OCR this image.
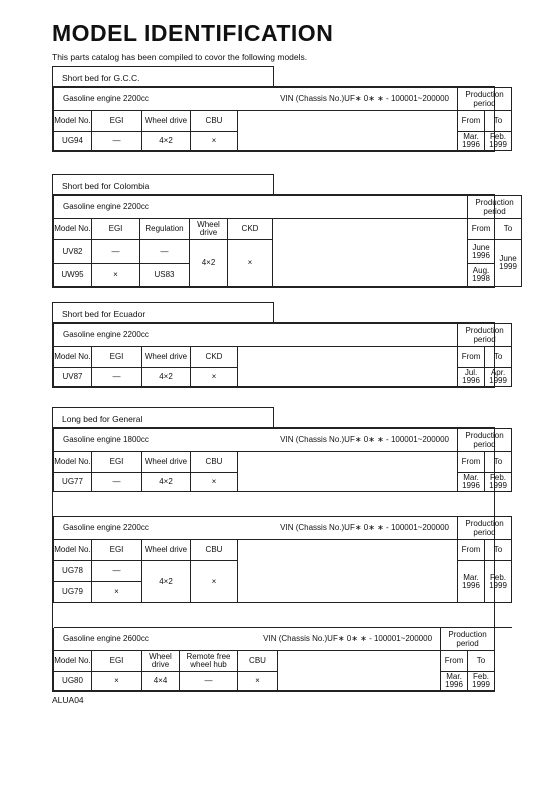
MODEL IDENTIFICATION
This parts catalog has been compiled to covor the following models.
Short bed for G.C.C.
Gasoline engine 2200cc			VIN (Chassis No.)UF∗ 0∗ ∗ - 100001~200000		Production period	
Model No.	EGI	Wheel drive	CBU		From	To
UG94	—	4×2	×		Mar. 1996	Feb. 1999
Short bed for Colombia
Gasoline engine 2200cc						Production period	
Model No.	EGI	Regulation	Wheel drive	CKD		From	To
UV82	—	—	4×2	×		June 1996	June 1999
UW95	×	US83				Aug. 1998	
Short bed for Ecuador
Gasoline engine 2200cc					Production period	
Model No.	EGI	Wheel drive	CKD		From	To
UV87	—	4×2	×		Jul. 1996	Apr. 1999
Long bed for General
Gasoline engine 1800cc			VIN (Chassis No.)UF∗ 0∗ ∗ - 100001~200000		Production period	
Model No.	EGI	Wheel drive	CBU		From	To
UG77	—	4×2	×		Mar. 1996	Feb. 1999

Gasoline engine 2200cc			VIN (Chassis No.)UF∗ 0∗ ∗ - 100001~200000		Production period	
Model No.	EGI	Wheel drive	CBU		From	To
UG78	—	4×2	×		Mar. 1996	Feb. 1999
UG79	×					

Gasoline engine 2600cc			VIN (Chassis No.)UF∗ 0∗ ∗ - 100001~200000			Production period	
Model No.	EGI	Wheel drive	Remote free wheel hub	CBU		From	To
UG80	×	4×4	—	×		Mar. 1996	Feb. 1999
ALUA04
